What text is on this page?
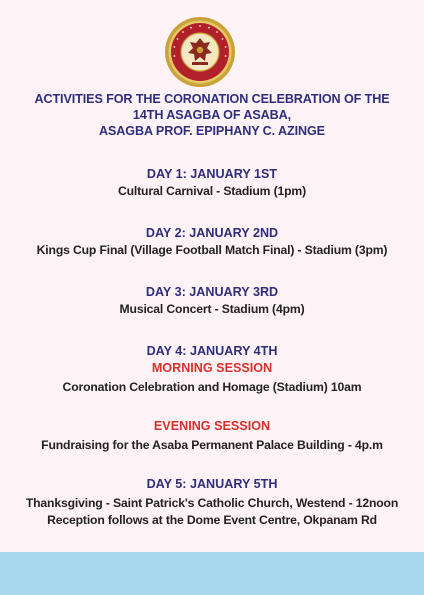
ACTIVITIES FOR THE CORONATION CELEBRATION OF THE
14TH ASAGBA OF ASABA,
ASAGBA PROF. EPIPHANY C. AZINGE
DAY 1: JANUARY 1ST
Cultural Carnival - Stadium (1pm)
DAY 2: JANUARY 2ND
Kings Cup Final (Village Football Match Final) - Stadium (3pm)
DAY 3: JANUARY 3RD
Musical Concert - Stadium (4pm)
DAY 4: JANUARY 4TH
MORNING SESSION
Coronation Celebration and Homage (Stadium) 10am
EVENING SESSION
Fundraising for the Asaba Permanent Palace Building - 4p.m
DAY 5: JANUARY 5TH
Thanksgiving - Saint Patrick's Catholic Church, Westend - 12noon
Reception follows at the Dome Event Centre, Okpanam Rd
